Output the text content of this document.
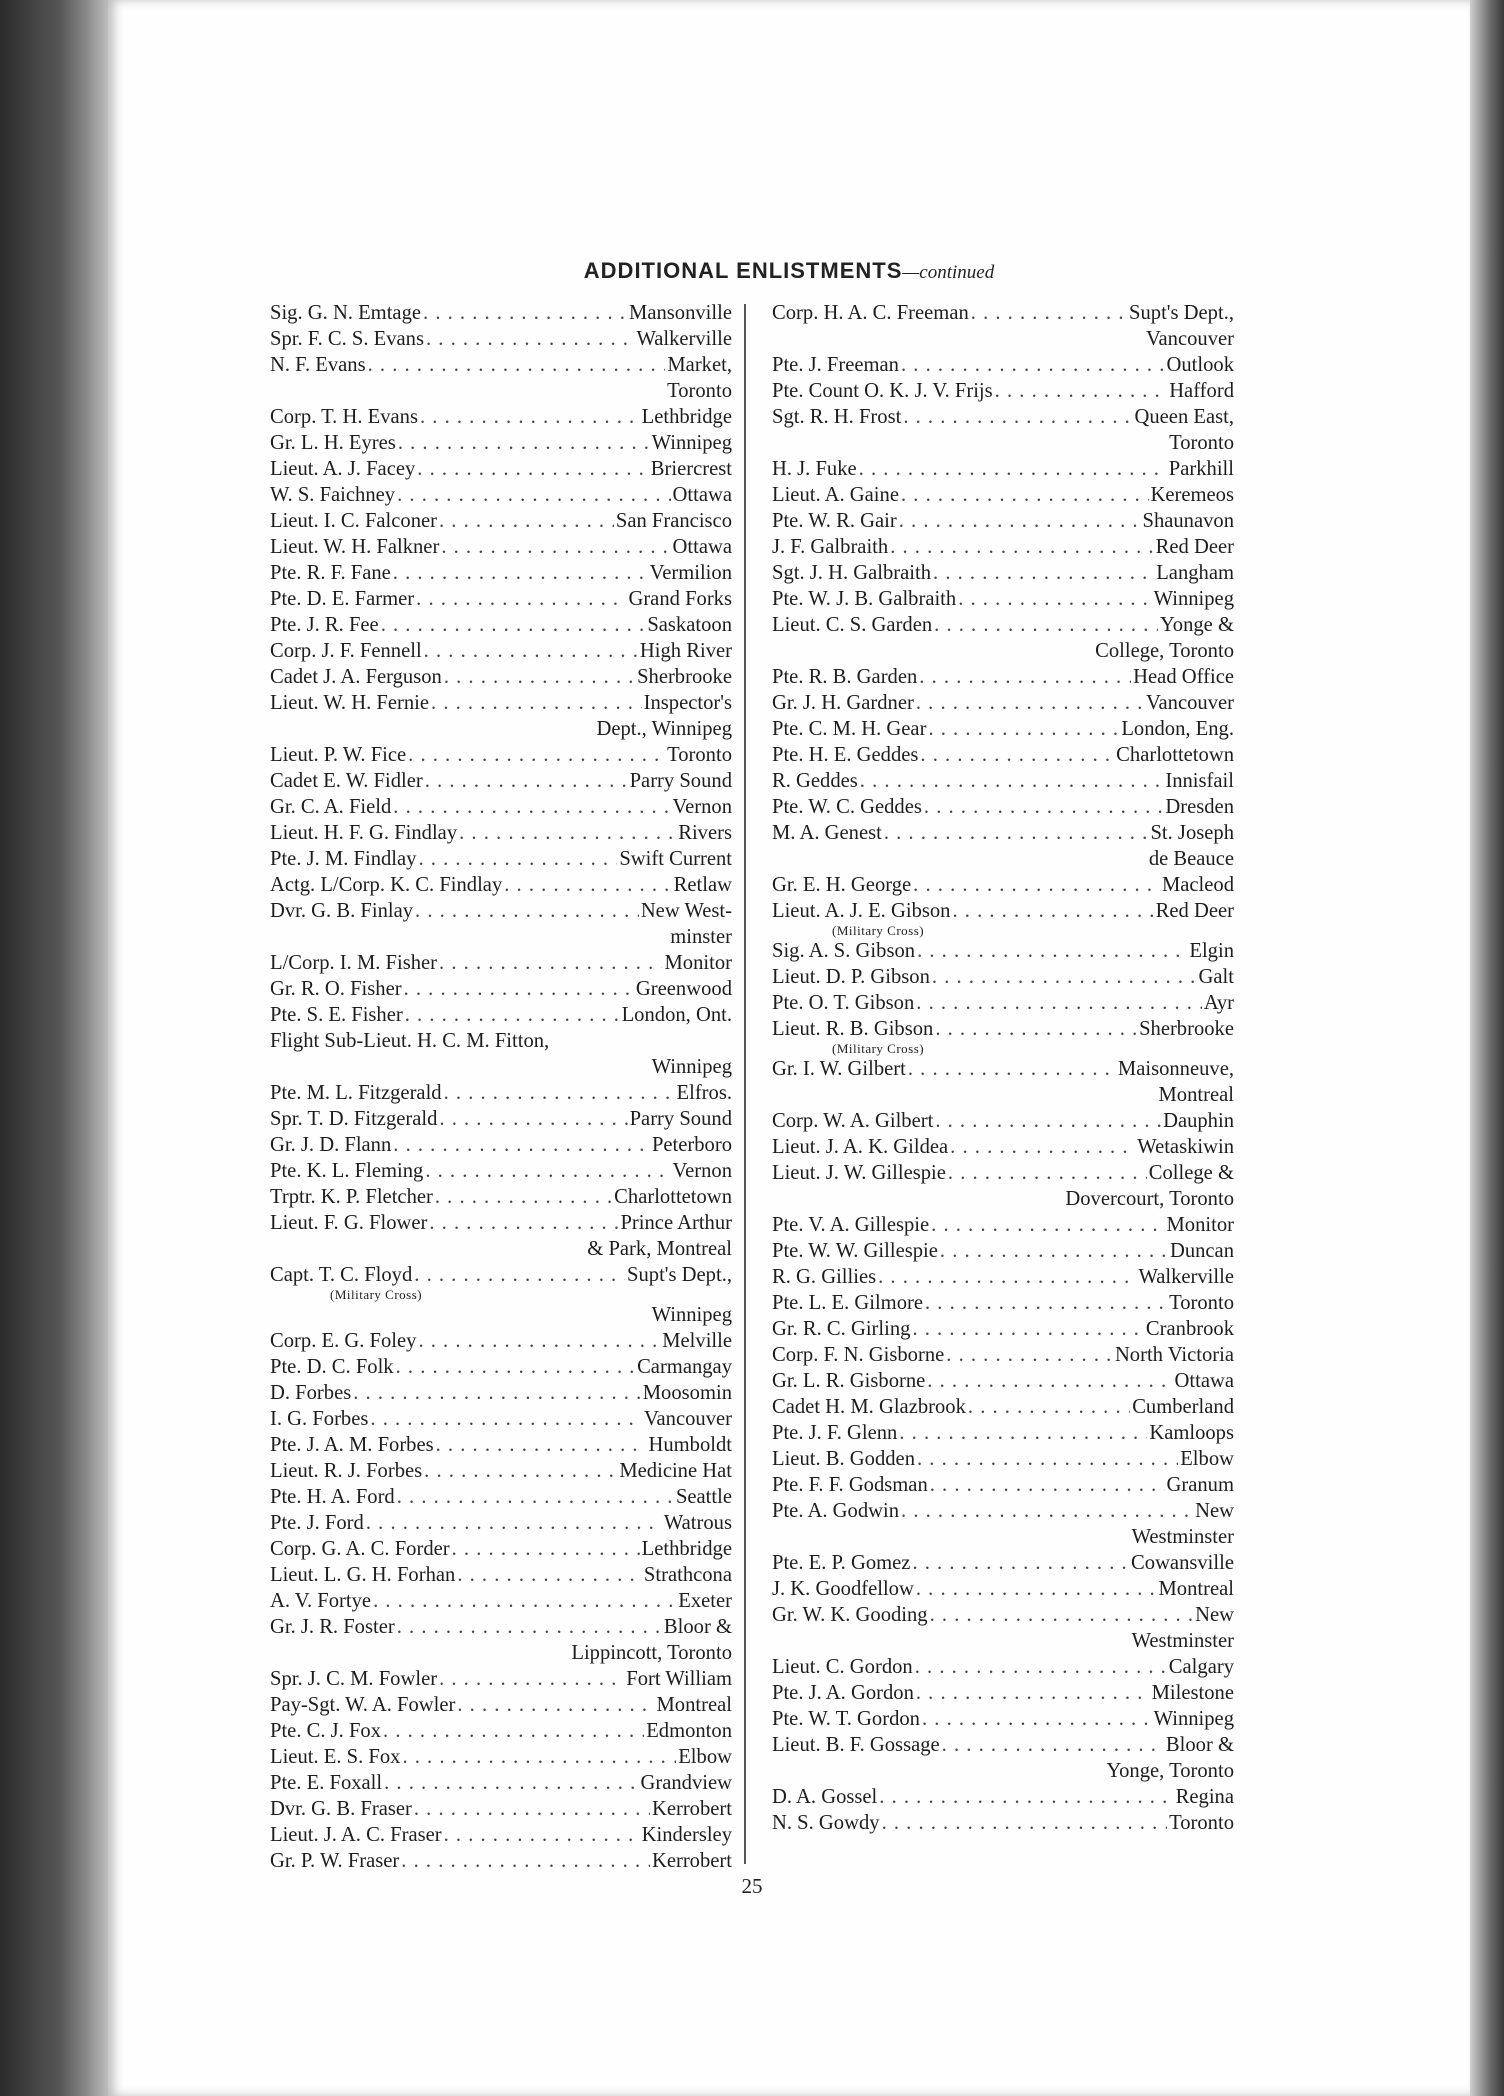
ADDITIONAL ENLISTMENTS—continued
Sig. G. N. Emtage . . .	Mansonville
Spr. F. C. S. Evans . . .	Walkerville
N. F. Evans . . .	Market,
Toronto
Corp. T. H. Evans . . .	Lethbridge
Gr. L. H. Eyres . . .	Winnipeg
Lieut. A. J. Facey . . .	Briercrest
W. S. Faichney . . .	Ottawa
Lieut. I. C. Falconer . . .	San Francisco
Lieut. W. H. Falkner . . .	Ottawa
Pte. R. F. Fane . . .	Vermilion
Pte. D. E. Farmer . . .	Grand Forks
Pte. J. R. Fee . . .	Saskatoon
Corp. J. F. Fennell . . .	High River
Cadet J. A. Ferguson . . .	Sherbrooke
Lieut. W. H. Fernie . . .	Inspector's
Dept., Winnipeg
Lieut. P. W. Fice . . .	Toronto
Cadet E. W. Fidler . . .	Parry Sound
Gr. C. A. Field . . .	Vernon
Lieut. H. F. G. Findlay . . .	Rivers
Pte. J. M. Findlay . . .	Swift Current
Actg. L/Corp. K. C. Findlay . . .	Retlaw
Dvr. G. B. Finlay . . .	New West-
minster
L/Corp. I. M. Fisher . . .	Monitor
Gr. R. O. Fisher . . .	Greenwood
Pte. S. E. Fisher . . .	London, Ont.
Flight Sub-Lieut. H. C. M. Fitton,
Winnipeg
Pte. M. L. Fitzgerald . . .	Elfros.
Spr. T. D. Fitzgerald . . .	Parry Sound
Gr. J. D. Flann . . .	Peterboro
Pte. K. L. Fleming . . .	Vernon
Trptr. K. P. Fletcher . . .	Charlottetown
Lieut. F. G. Flower . . .	Prince Arthur
& Park, Montreal
Capt. T. C. Floyd . . .	Supt's Dept.,
(Military Cross)
Winnipeg
Corp. E. G. Foley . . .	Melville
Pte. D. C. Folk . . .	Carmangay
D. Forbes . . .	Moosomin
I. G. Forbes . . .	Vancouver
Pte. J. A. M. Forbes . . .	Humboldt
Lieut. R. J. Forbes . . .	Medicine Hat
Pte. H. A. Ford . . .	Seattle
Pte. J. Ford . . .	Watrous
Corp. G. A. C. Forder . . .	Lethbridge
Lieut. L. G. H. Forhan . . .	Strathcona
A. V. Fortye . . .	Exeter
Gr. J. R. Foster . . .	Bloor &
Lippincott, Toronto
Spr. J. C. M. Fowler . . .	Fort William
Pay-Sgt. W. A. Fowler . . .	Montreal
Pte. C. J. Fox . . .	Edmonton
Lieut. E. S. Fox . . .	Elbow
Pte. E. Foxall . . .	Grandview
Dvr. G. B. Fraser . . .	Kerrobert
Lieut. J. A. C. Fraser . . .	Kindersley
Gr. P. W. Fraser . . .	Kerrobert
Corp. H. A. C. Freeman . . .	Supt's Dept.,
Vancouver
Pte. J. Freeman . . .	Outlook
Pte. Count O. K. J. V. Frijs . . .	Hafford
Sgt. R. H. Frost . . .	Queen East,
Toronto
H. J. Fuke . . .	Parkhill
Lieut. A. Gaine . . .	Keremeos
Pte. W. R. Gair . . .	Shaunavon
J. F. Galbraith . . .	Red Deer
Sgt. J. H. Galbraith . . .	Langham
Pte. W. J. B. Galbraith . . .	Winnipeg
Lieut. C. S. Garden . . .	Yonge &
College, Toronto
Pte. R. B. Garden . . .	Head Office
Gr. J. H. Gardner . . .	Vancouver
Pte. C. M. H. Gear . . .	London, Eng.
Pte. H. E. Geddes . . .	Charlottetown
R. Geddes . . .	Innisfail
Pte. W. C. Geddes . . .	Dresden
M. A. Genest . . .	St. Joseph
de Beauce
Gr. E. H. George . . .	Macleod
Lieut. A. J. E. Gibson . . .	Red Deer
(Military Cross)
Sig. A. S. Gibson . . .	Elgin
Lieut. D. P. Gibson . . .	Galt
Pte. O. T. Gibson . . .	Ayr
Lieut. R. B. Gibson . . .	Sherbrooke
(Military Cross)
Gr. I. W. Gilbert . . .	Maisonneuve,
Montreal
Corp. W. A. Gilbert . . .	Dauphin
Lieut. J. A. K. Gildea . . .	Wetaskiwin
Lieut. J. W. Gillespie . . .	College &
Dovercourt, Toronto
Pte. V. A. Gillespie . . .	Monitor
Pte. W. W. Gillespie . . .	Duncan
R. G. Gillies . . .	Walkerville
Pte. L. E. Gilmore . . .	Toronto
Gr. R. C. Girling . . .	Cranbrook
Corp. F. N. Gisborne . . .	North Victoria
Gr. L. R. Gisborne . . .	Ottawa
Cadet H. M. Glazbrook . . .	Cumberland
Pte. J. F. Glenn . . .	Kamloops
Lieut. B. Godden . . .	Elbow
Pte. F. F. Godsman . . .	Granum
Pte. A. Godwin . . .	New
Westminster
Pte. E. P. Gomez . . .	Cowansville
J. K. Goodfellow . . .	Montreal
Gr. W. K. Gooding . . .	New
Westminster
Lieut. C. Gordon . . .	Calgary
Pte. J. A. Gordon . . .	Milestone
Pte. W. T. Gordon . . .	Winnipeg
Lieut. B. F. Gossage . . .	Bloor &
Yonge, Toronto
D. A. Gossel . . .	Regina
N. S. Gowdy . . .	Toronto
25
